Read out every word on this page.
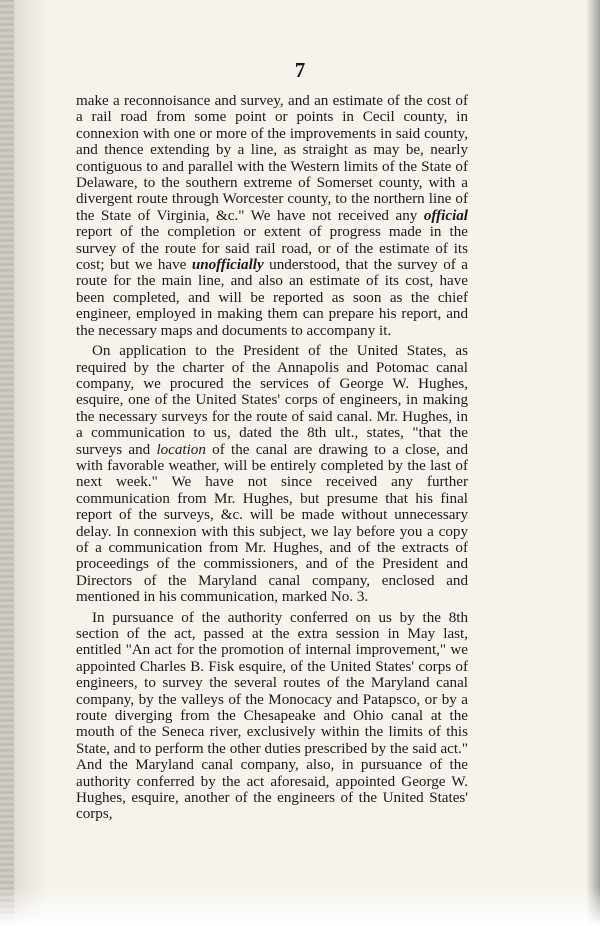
7

make a reconnoisance and survey, and an estimate of the cost of a rail road from some point or points in Cecil county, in connexion with one or more of the improvements in said county, and thence extending by a line, as straight as may be, nearly contiguous to and parallel with the Western limits of the State of Delaware, to the southern extreme of Somerset county, with a divergent route through Worcester county, to the northern line of the State of Virginia, &c." We have not received any official report of the completion or extent of progress made in the survey of the route for said rail road, or of the estimate of its cost; but we have unofficially understood, that the survey of a route for the main line, and also an estimate of its cost, have been completed, and will be reported as soon as the chief engineer, employed in making them can prepare his report, and the necessary maps and documents to accompany it.

On application to the President of the United States, as required by the charter of the Annapolis and Potomac canal company, we procured the services of George W. Hughes, esquire, one of the United States' corps of engineers, in making the necessary surveys for the route of said canal. Mr. Hughes, in a communication to us, dated the 8th ult., states, "that the surveys and location of the canal are drawing to a close, and with favorable weather, will be entirely completed by the last of next week." We have not since received any further communication from Mr. Hughes, but presume that his final report of the surveys, &c. will be made without unnecessary delay. In connexion with this subject, we lay before you a copy of a communication from Mr. Hughes, and of the extracts of proceedings of the commissioners, and of the President and Directors of the Maryland canal company, enclosed and mentioned in his communication, marked No. 3.

In pursuance of the authority conferred on us by the 8th section of the act, passed at the extra session in May last, entitled "An act for the promotion of internal improvement," we appointed Charles B. Fisk esquire, of the United States' corps of engineers, to survey the several routes of the Maryland canal company, by the valleys of the Monocacy and Patapsco, or by a route diverging from the Chesapeake and Ohio canal at the mouth of the Seneca river, exclusively within the limits of this State, and to perform the other duties prescribed by the said act." And the Maryland canal company, also, in pursuance of the authority conferred by the act aforesaid, appointed George W. Hughes, esquire, another of the engineers of the United States' corps,
